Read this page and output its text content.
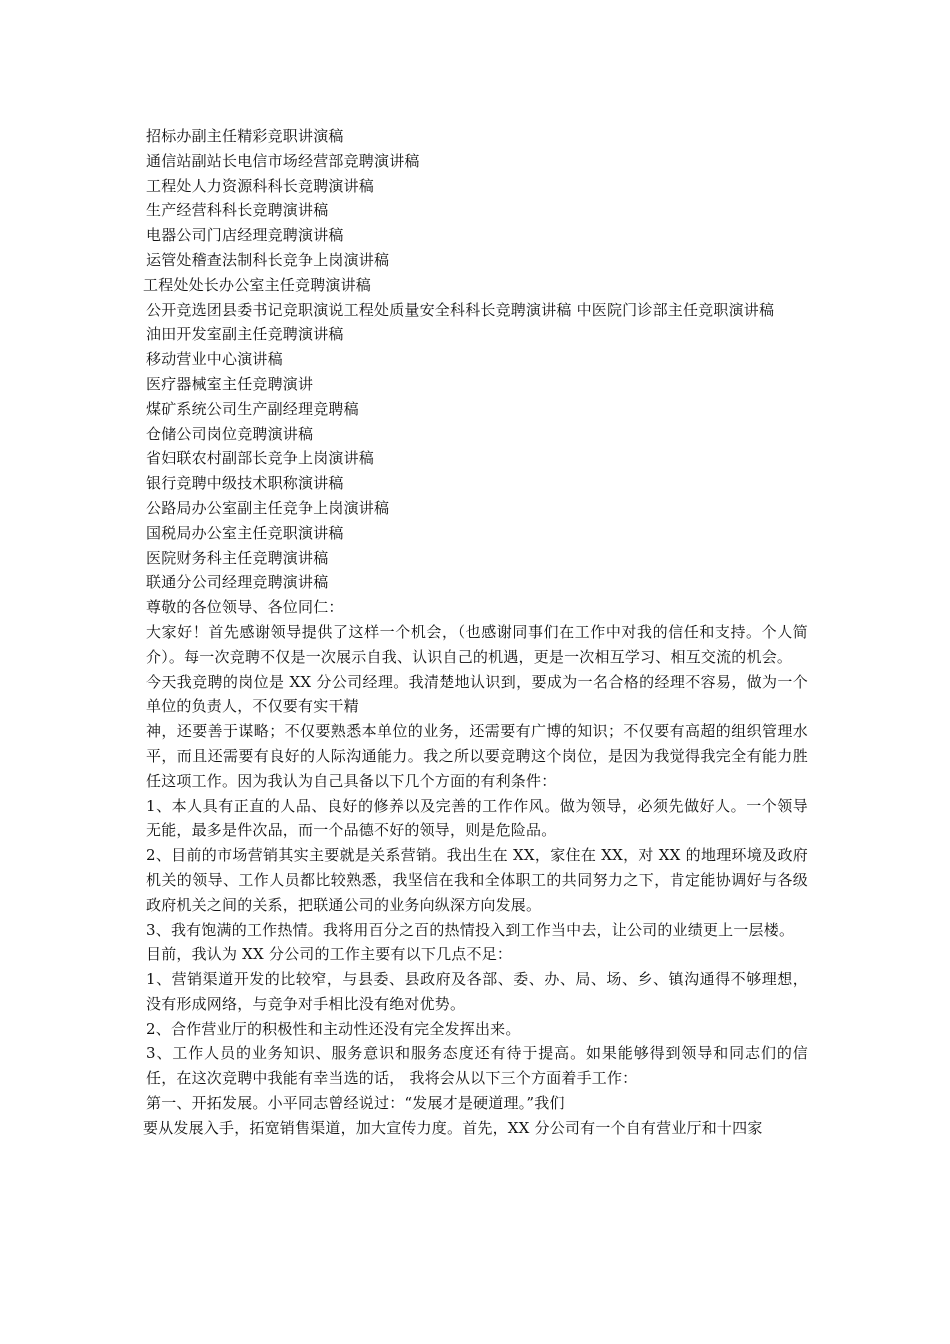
招标办副主任精彩竞职讲演稿

通信站副站长电信市场经营部竞聘演讲稿

工程处人力资源科科长竞聘演讲稿

生产经营科科长竞聘演讲稿

电器公司门店经理竞聘演讲稿

运管处稽查法制科长竞争上岗演讲稿

工程处处长办公室主任竞聘演讲稿

公开竞选团县委书记竞职演说工程处质量安全科科长竞聘演讲稿 中医院门诊部主任竞职演讲稿

油田开发室副主任竞聘演讲稿

移动营业中心演讲稿

医疗器械室主任竞聘演讲

煤矿系统公司生产副经理竞聘稿

仓储公司岗位竞聘演讲稿

省妇联农村副部长竞争上岗演讲稿

银行竞聘中级技术职称演讲稿

公路局办公室副主任竞争上岗演讲稿

国税局办公室主任竞职演讲稿

医院财务科主任竞聘演讲稿

联通分公司经理竞聘演讲稿

尊敬的各位领导、各位同仁：

大家好！首先感谢领导提供了这样一个机会，（也感谢同事们在工作中对我的信任和支持。个人简介）。每一次竞聘不仅是一次展示自我、认识自己的机遇，更是一次相互学习、相互交流的机会。

今天我竞聘的岗位是 XX 分公司经理。我清楚地认识到，要成为一名合格的经理不容易，做为一个单位的负责人，不仅要有实干精

神，还要善于谋略；不仅要熟悉本单位的业务，还需要有广博的知识；不仅要有高超的组织管理水平，而且还需要有良好的人际沟通能力。我之所以要竞聘这个岗位，是因为我觉得我完全有能力胜任这项工作。因为我认为自己具备以下几个方面的有利条件：

1、本人具有正直的人品、良好的修养以及完善的工作作风。做为领导，必须先做好人。一个领导无能，最多是件次品，而一个品德不好的领导，则是危险品。

2、目前的市场营销其实主要就是关系营销。我出生在 XX，家住在 XX，对 XX 的地理环境及政府机关的领导、工作人员都比较熟悉，我坚信在我和全体职工的共同努力之下，肯定能协调好与各级政府机关之间的关系，把联通公司的业务向纵深方向发展。

3、我有饱满的工作热情。我将用百分之百的热情投入到工作当中去，让公司的业绩更上一层楼。

目前，我认为 XX 分公司的工作主要有以下几点不足：

1、营销渠道开发的比较窄，与县委、县政府及各部、委、办、局、场、乡、镇沟通得不够理想，没有形成网络，与竞争对手相比没有绝对优势。

2、合作营业厅的积极性和主动性还没有完全发挥出来。

3、工作人员的业务知识、服务意识和服务态度还有待于提高。如果能够得到领导和同志们的信任，在这次竞聘中我能有幸当选的话， 我将会从以下三个方面着手工作：

第一、开拓发展。小平同志曾经说过：“发展才是硬道理。”我们

要从发展入手，拓宽销售渠道，加大宣传力度。首先，XX 分公司有一个自有营业厅和十四家
